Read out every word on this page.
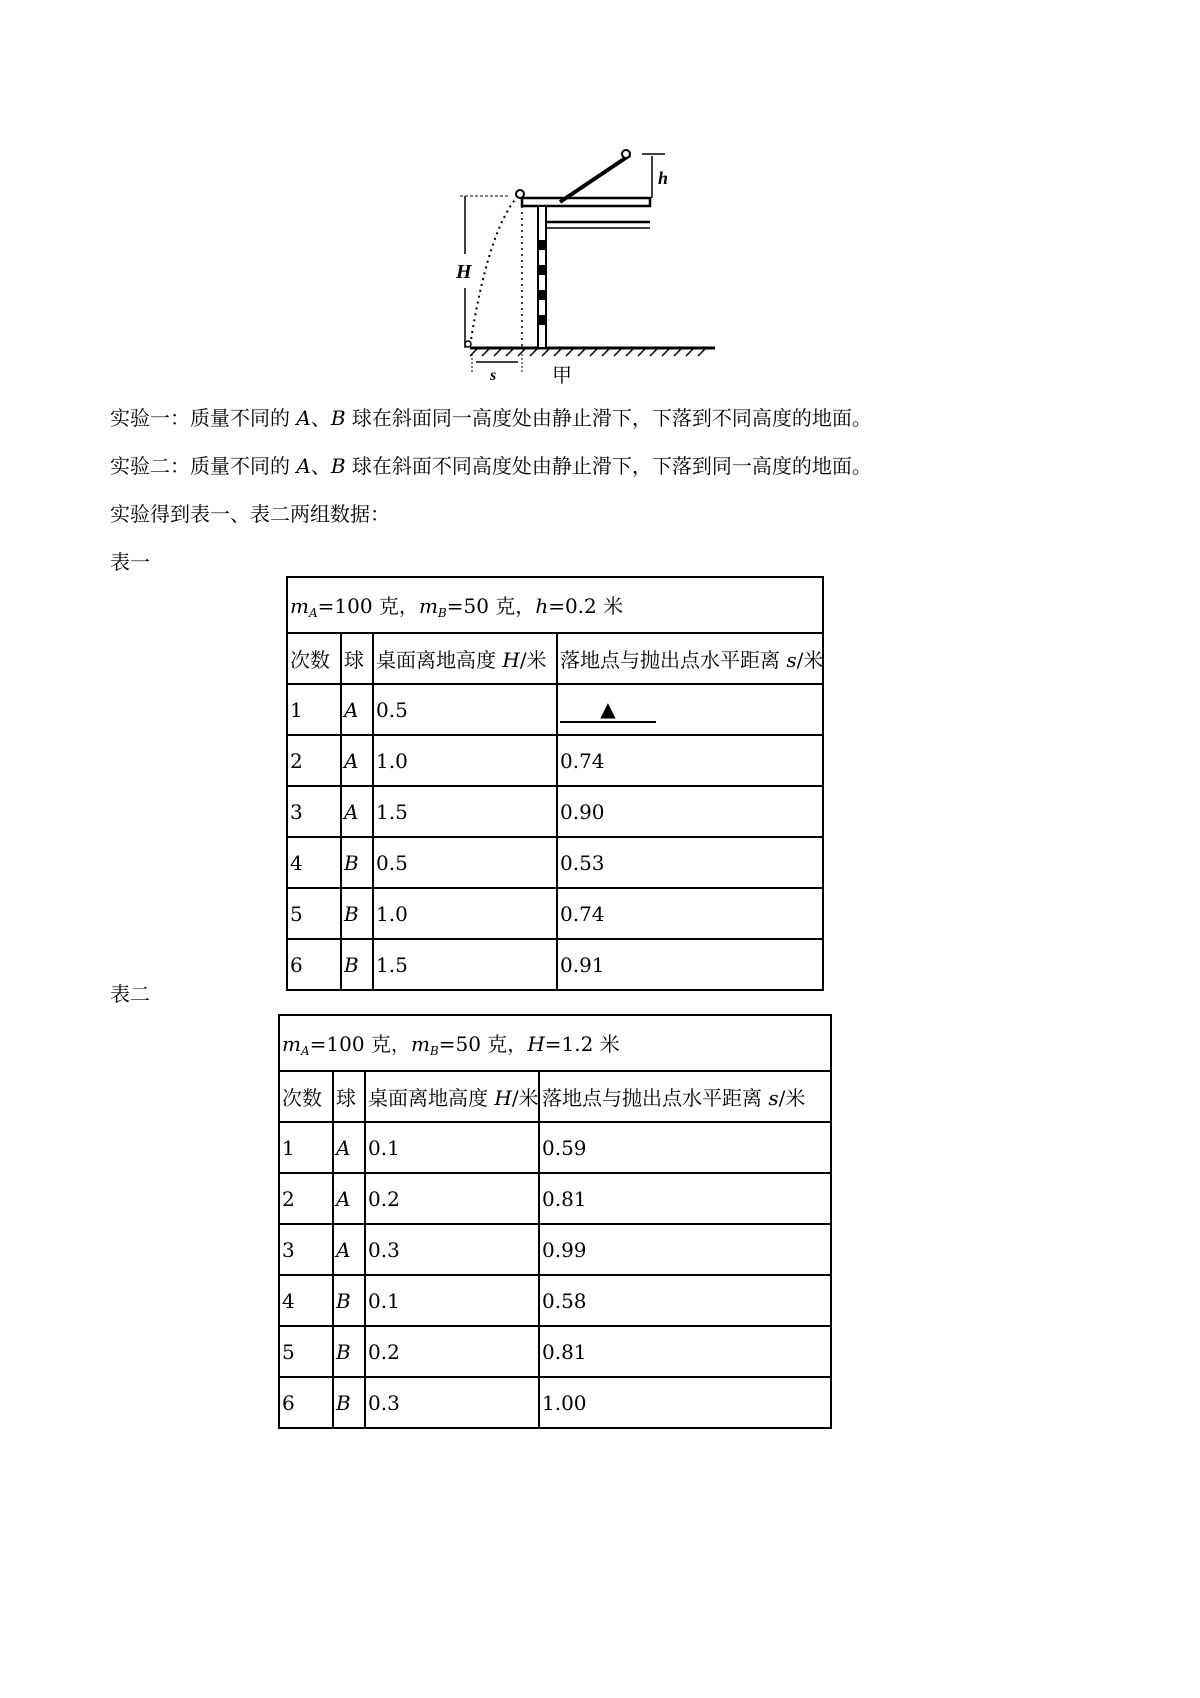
h
H
s	甲
实验一：质量不同的 A、B 球在斜面同一高度处由静止滑下，下落到不同高度的地面。
实验二：质量不同的 A、B 球在斜面不同高度处由静止滑下，下落到同一高度的地面。
实验得到表一、表二两组数据：
表一
$m_A=100$ 克，$m_B=50$ 克，h=0.2 米			
次数	球	桌面离地高度 H/米	落地点与抛出点水平距离 s/米
1	A	0.5	▲
2	A	1.0	0.74
3	A	1.5	0.90
4	B	0.5	0.53
5	B	1.0	0.74
6	B	1.5	0.91
表二
$m_A=100$ 克，$m_B=50$ 克，H=1.2 米			
次数	球	桌面离地高度 H/米	落地点与抛出点水平距离 s/米
1	A	0.1	0.59
2	A	0.2	0.81
3	A	0.3	0.99
4	B	0.1	0.58
5	B	0.2	0.81
6	B	0.3	1.00
